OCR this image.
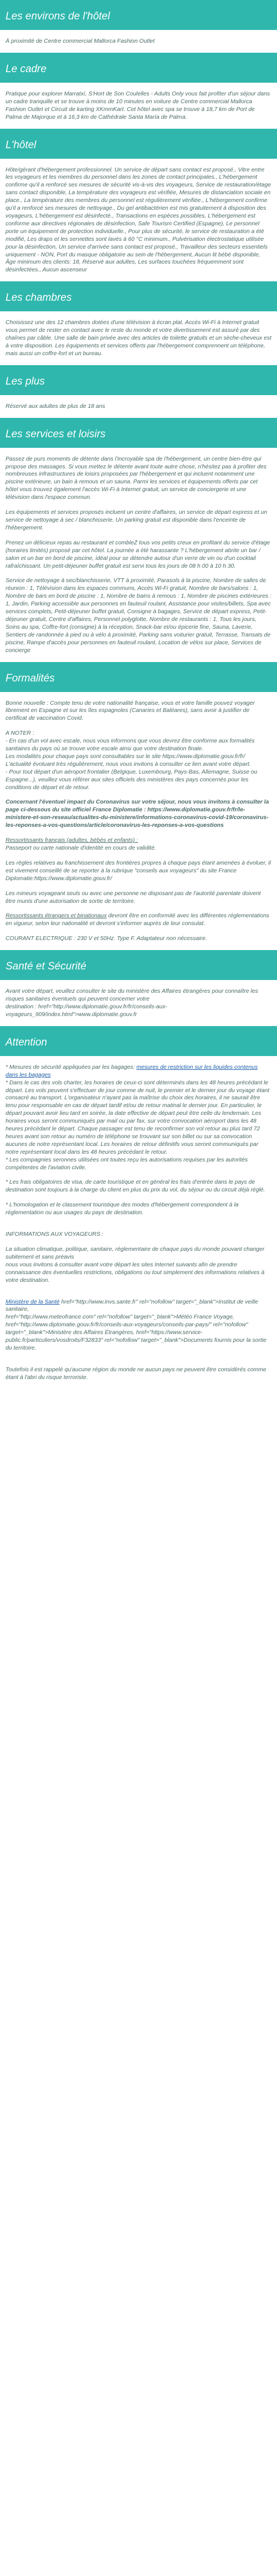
Les environs de l'hôtel

À proximité de Centre commercial Mallorca Fashion Outlet

Le cadre

Pratique pour explorer Marratxí, S'Hort de Son Coulelles - Adults Only vous fait profiter d'un séjour dans un cadre tranquille et se trouve à moins de 10 minutes en voiture de Centre commercial Mallorca Fashion Outlet et Circuit de karting XKmmKart. Cet hôtel avec spa se trouve à 18,7 km de Port de Palma de Majorque et à 16,3 km de Cathédrale Santa María de Palma.

L'hôtel

Hôte/gérant d'hébergement professionnel. Un service de départ sans contact est proposé., Vitre entre les voyageurs et les membres du personnel dans les zones de contact principales., L'hébergement confirme qu'il a renforcé ses mesures de sécurité vis-à-vis des voyageurs, Service de restauration/étage sans contact disponible, La température des voyageurs est vérifiée, Mesures de distanciation sociale en place., La température des membres du personnel est régulièrement vérifiée., L'hébergement confirme qu'il a renforcé ses mesures de nettoyage., Du gel antibactérien est mis gratuitement à disposition des voyageurs, L'hébergement est désinfecté., Transactions en espèces possibles, L'hébergement est conforme aux directives régionales de désinfection, Safe Tourism Certified (Espagne), Le personnel porte un équipement de protection individuelle., Pour plus de sécurité, le service de restauration a été modifié, Les draps et les serviettes sont lavés à 60 °C minimum., Pulvérisation électrostatique utilisée pour la désinfection, Un service d'arrivée sans contact est proposé., Travailleur des secteurs essentiels uniquement - NON, Port du masque obligatoire au sein de l'hébergement, Aucun lit bébé disponible, Âge minimum des clients: 18, Réservé aux adultes, Les surfaces touchées fréquemment sont désinfectées., Aucun ascenseur

Les chambres

Choisissez une des 12 chambres dotées d'une télévision à écran plat. Accès Wi-Fi à Internet gratuit vous permet de rester en contact avec le reste du monde et votre divertissement est assuré par des chaînes par câble. Une salle de bain privée avec des articles de toilette gratuits et un sèche-cheveux est à votre disposition. Les équipements et services offerts par l'hébergement comprennent un téléphone, mais aussi un coffre-fort et un bureau.

Les plus

Réservé aux adultes de plus de 18 ans

Les services et loisirs

Passez de purs moments de détente dans l'incroyable spa de l'hébergement, un centre bien-être qui propose des massages. Si vous mettez le détente avant toute autre chose, n'hésitez pas à profiter des nombreuses infrastructures de loisirs proposées par l'hébergement et qui incluent notamment une piscine extérieure, un bain à remous et un sauna. Parmi les services et équipements offerts par cet hôtel vous trouvez également l'accès Wi-Fi à Internet gratuit, un service de conciergerie et une télévision dans l'espace commun.

Les équipements et services proposés incluent un centre d'affaires, un service de départ express et un service de nettoyage à sec / blanchisserie. Un parking gratuit est disponible dans l'enceinte de l'hébergement.

Prenez un délicieux repas au restaurant et combleZ tous vos petits creux en profitant du service d'étage (horaires limités) proposé par cet hôtel. La journée a été harassante ? L'hébergement abrite un bar / salon et un bar en bord de piscine, idéal pour se détendre autour d'un verre de vin ou d'un cocktail rafraîchissant. Un petit-déjeuner buffet gratuit est servi tous les jours de 08 h 00 à 10 h 30.

Service de nettoyage à sec/blanchisserie, VTT à proximité, Parasols à la piscine, Nombre de salles de réunion : 1, Télévision dans les espaces communs, Accès Wi-Fi gratuit, Nombre de bars/salons : 1, Nombre de bars en bord de piscine : 1, Nombre de bains à remous : 1, Nombre de piscines extérieures : 1, Jardin, Parking accessible aux personnes en fauteuil roulant, Assistance pour visites/billets, Spa avec services complets, Petit-déjeuner buffet gratuit, Consigne à bagages, Service de départ express, Petit-déjeuner gratuit, Centre d'affaires, Personnel polyglotte, Nombre de restaurants : 1, Tous les jours, Soins au spa, Coffre-fort (consigne) à la réception, Snack-bar et/ou épicerie fine, Sauna, Laverie, Sentiers de randonnée à pied ou à vélo à proximité, Parking sans voiturier gratuit, Terrasse, Transats de piscine, Rampe d'accès pour personnes en fauteuil roulant, Location de vélos sur place, Services de concierge

Formalités

Bonne nouvelle : Compte tenu de votre nationalité française, vous et votre famille pouvez voyager librement en Espagne et sur les îles espagnoles (Canaries et Baléares), sans avoir à justifier de certificat de vaccination Covid.

A NOTER :
- En cas d'un vol avec escale, nous vous informons que vous devrez être conforme aux formalités sanitaires du pays où se trouve votre escale ainsi que votre destination finale.
Les modalités pour chaque pays sont consultables sur le site https://www.diplomatie.gouv.fr/fr/ L'actualité évoluant très régulièrement, nous vous invitons à consulter ce lien avant votre départ.
- Pour tout départ d'un aéroport frontalier (Belgique, Luxembourg, Pays-Bas, Allemagne, Suisse ou Espagne...), veuillez vous référer aux sites officiels des ministères des pays concernés pour les conditions de départ et de retour.

Concernant l'éventuel impact du Coronavirus sur votre séjour, nous vous invitons à consulter la page ci-dessous du site officiel France Diplomatie : https://www.diplomatie.gouv.fr/fr/le-ministere-et-son-reseau/actualites-du-ministere/informations-coronavirus-covid-19/coronavirus-les-reponses-a-vos-questions/article/coronavirus-les-reponses-a-vos-questions

Ressortissants français (adultes, bébés et enfants) :

Passeport ou carte nationale d'identité en cours de validité.

Les règles relatives au franchissement des frontières propres à chaque pays étant amenées à évoluer, il est vivement conseillé de se reporter à la rubrique "conseils aux voyageurs" du site France Diplomatie:https://www.diplomatie.gouv.fr/

Les mineurs voyageant seuls ou avec une personne ne disposant pas de l'autorité parentale doivent être munis d'une autorisation de sortie de territoire.

Ressortissants étrangers et binationaux devront être en conformité avec les différentes réglementations en vigueur, selon leur nationalité et devront s'informer auprès de leur consulat.

COURANT ELECTRIQUE : 230 V et 50Hz. Type F. Adaptateur non nécessaire.

Santé et Sécurité

Avant votre départ, veuillez consulter le site du ministère des Affaires étrangères pour connaître les risques sanitaires éventuels qui peuvent concerner votre
destination : href="http://www.diplomatie.gouv.fr/fr/conseils-aux-voyageurs_909/index.html">www.diplomatie.gouv.fr

Attention

* Mesures de sécurité appliquées par les bagages: mesures de restriction sur les liquides contenus dans les bagages
* Dans le cas des vols charter, les horaires de ceux-ci sont déterminés dans les 48 heures précédant le départ. Les vols peuvent s'effectuer de jour comme de nuit, le premier et le dernier jour du voyage étant consacré au transport. L'organisateur n'ayant pas la maîtrise du choix des horaires, il ne saurait être tenu pour responsable en cas de départ tardif et/ou de retour matinal le dernier jour. En particulier, le départ pouvant avoir lieu tard en soirée, la date effective de départ peut être celle du lendemain. Les horaires vous seront communiqués par mail ou par fax, sur votre convocation aéroport dans les 48 heures précédant le départ. Chaque passager est tenu de reconfirmer son vol retour au plus tard 72 heures avant son retour au numéro de téléphone se trouvant sur son billet ou sur sa convocation aucunes de notre représentant local. Les horaires de retour définitifs vous seront communiqués par notre représentant local dans les 48 heures précédant le retour.
* Les compagnies seronnes utilisées ont toutes reçu les autorisations requises par les autorités compétentes de l'aviation civile.

* Les frais obligatoires de visa, de carte touristique et en général les frais d'entrée dans le pays de destination sont toujours à la charge du client en plus du prix du vol, du séjour ou du circuit déjà réglé.

* L'homologation et le classement touristique des modes d'hébergement correspondent à la réglementation ou aux usages du pays de destination.

INFORMATIONS AUX VOYAGEURS :

La situation climatique, politique, sanitaire, réglementaire de chaque pays du monde pouvant changer subitement et sans préavis
nous vous invitons à consulter avant votre départ les sites Internet suivants afin de prendre connaissance des éventuelles restrictions, obligations ou tout simplement des informations relatives à votre destination.

Ministère de la Santé href="http://www.invs.sante.fr" rel="nofollow" target="_blank">Institut de veille sanitaire,
href="http://www.meteofrance.com" rel="nofollow" target="_blank">Météo France Voyage, href="http://www.diplomatie.gouv.fr/fr/conseils-aux-voyageurs/conseils-par-pays/" rel="nofollow" target="_blank">Ministère des Affaires Étrangères, href="https://www.service-public.fr/particuliers/vosdroits/F32833" rel="nofollow" target="_blank">Documents fournis pour la sortie du territoire.

Toutefois il est rappelé qu'aucune région du monde ne aucun pays ne peuvent être considérés comme étant à l'abri du risque terroriste.
